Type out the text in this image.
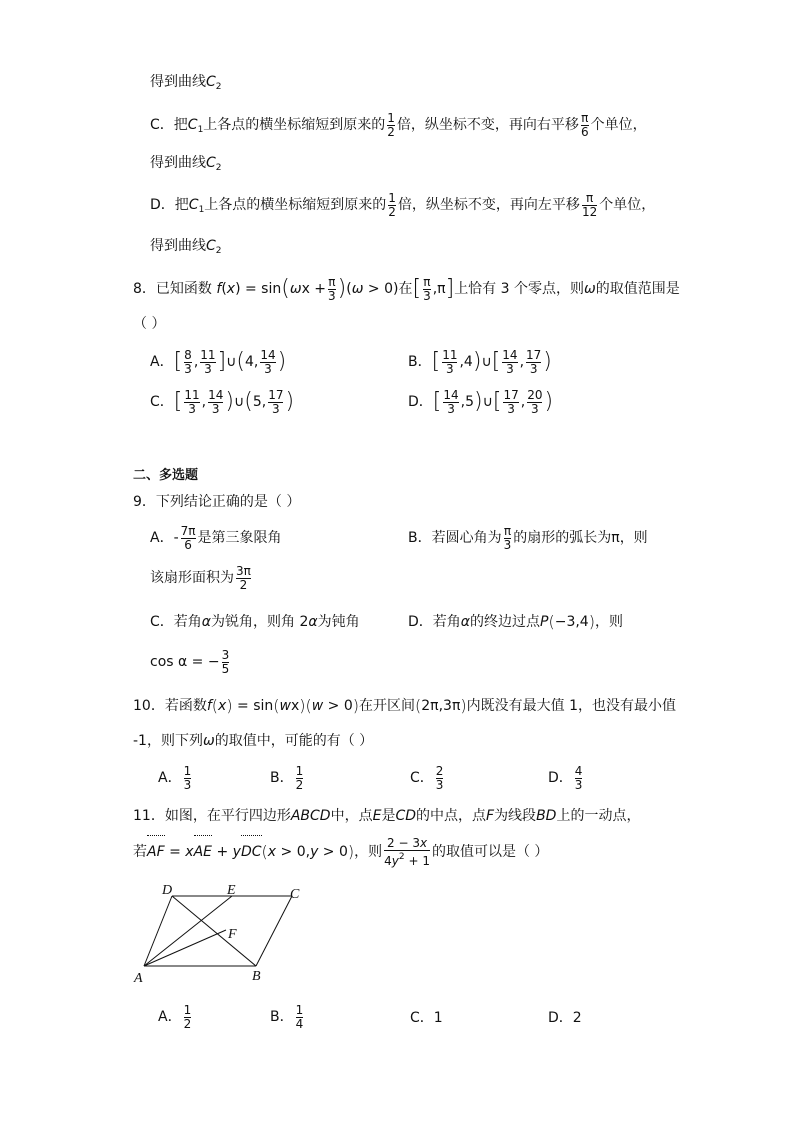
得到曲线$C_2$
C．把$C_1$上各点的横坐标缩短到原来的 $\frac{1}{2}$ 倍，纵坐标不变，再向右平移 $\frac{\pi}{6}$ 个单位，
得到曲线$C_2$
D．把$C_1$上各点的横坐标缩短到原来的 $\frac{1}{2}$ 倍，纵坐标不变，再向左平移 $\frac{\pi}{12}$ 个单位，
得到曲线$C_2$
8．已知函数 $f(x) = \sin(\omega x + \frac{\pi}{3} )(\omega > 0)$在[ $\frac{\pi}{3} ,\pi$]上恰有 3 个零点，则ω的取值范围是
（ ）
A．[ $\frac{8}{3}$ , $\frac{11}{3}$ ]∪(4, $\frac{14}{3}$ )	B．[ $\frac{11}{3}$ ,4)∪[ $\frac{14}{3}$ , $\frac{17}{3}$ )
C．[ $\frac{11}{3}$ , $\frac{14}{3}$ )∪(5, $\frac{17}{3}$ )	D．[ $\frac{14}{3}$ ,5)∪[ $\frac{17}{3}$ , $\frac{20}{3}$ )
二、多选题
9．下列结论正确的是（ ）
A．- $\frac{7\pi}{6}$ 是第三象限角	B．若圆心角为 $\frac{\pi}{3}$ 的扇形的弧长为π，则
该扇形面积为 $\frac{3\pi}{2}$
C．若角α为锐角，则角 2α为钝角	D．若角α的终边过点P(−3,4)，则
cos α = − $\frac{3}{5}$
10．若函数f(x) = sin(wx)(w > 0)在开区间(2π,3π)内既没有最大值 1，也没有最小值
-1，则下列ω的取值中，可能的有（ ）
A． $\frac{1}{3}$	B． $\frac{1}{2}$	C． $\frac{2}{3}$	D． $\frac{4}{3}$
11．如图，在平行四边形ABCD中，点E是CD的中点，点F为线段BD上的一动点，
若AF = xAE + yDC(x > 0,y > 0)，则 $\frac{2 - 3x}{4y^2 + 1}$ 的取值可以是（ ）
D	E	C
F
A	B
A． $\frac{1}{2}$	B． $\frac{1}{4}$	C．1	D．2
